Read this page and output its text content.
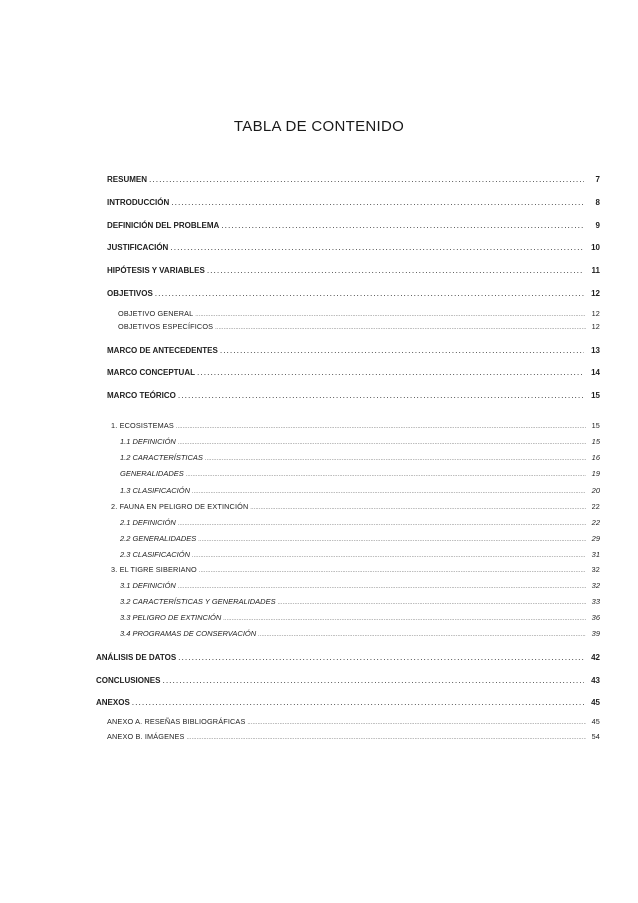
TABLA DE CONTENIDO
RESUMEN .....	7
INTRODUCCIÓN .....	8
DEFINICIÓN DEL PROBLEMA .....	9
JUSTIFICACIÓN .....	10
HIPÓTESIS Y VARIABLES .....	11
OBJETIVOS .....	12
OBJETIVO GENERAL .....	12
OBJETIVOS ESPECÍFICOS .....	12
MARCO DE ANTECEDENTES .....	13
MARCO CONCEPTUAL .....	14
MARCO TEÓRICO .....	15
1. ECOSISTEMAS .....	15
1.1 DEFINICIÓN .....	15
1.2 CARACTERÍSTICAS .....	16
GENERALIDADES .....	19
1.3 CLASIFICACIÓN .....	20
2. FAUNA EN PELIGRO DE EXTINCIÓN .....	22
2.1 DEFINICIÓN .....	22
2.2 GENERALIDADES .....	29
2.3 CLASIFICACIÓN .....	31
3. EL TIGRE SIBERIANO .....	32
3.1 DEFINICIÓN .....	32
3.2 CARACTERÍSTICAS Y GENERALIDADES .....	33
3.3 PELIGRO DE EXTINCIÓN .....	36
3.4 PROGRAMAS DE CONSERVACIÓN .....	39
ANÁLISIS DE DATOS .....	42
CONCLUSIONES .....	43
ANEXOS .....	45
ANEXO A. RESEÑAS BIBLIOGRÁFICAS .....	45
ANEXO B. IMÁGENES .....	54
